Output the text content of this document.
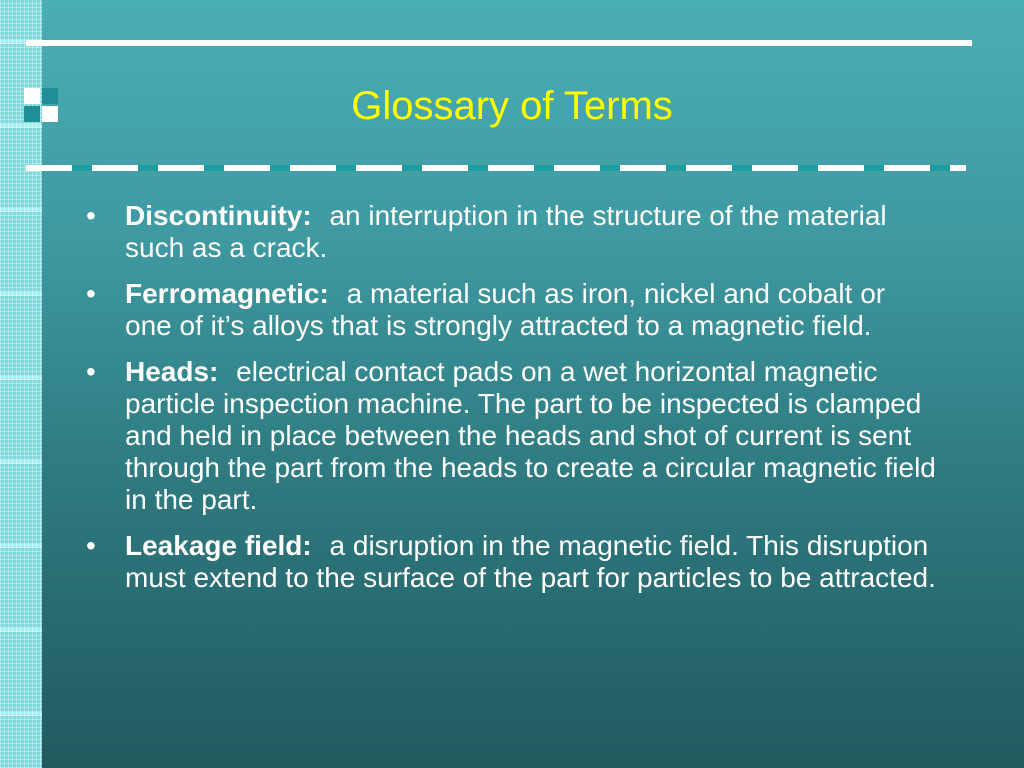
Glossary of Terms
• Discontinuity: an interruption in the structure of the material such as a crack.
• Ferromagnetic: a material such as iron, nickel and cobalt or one of it’s alloys that is strongly attracted to a magnetic field.
• Heads: electrical contact pads on a wet horizontal magnetic particle inspection machine. The part to be inspected is clamped and held in place between the heads and shot of current is sent through the part from the heads to create a circular magnetic field in the part.
• Leakage field: a disruption in the magnetic field. This disruption must extend to the surface of the part for particles to be attracted.
